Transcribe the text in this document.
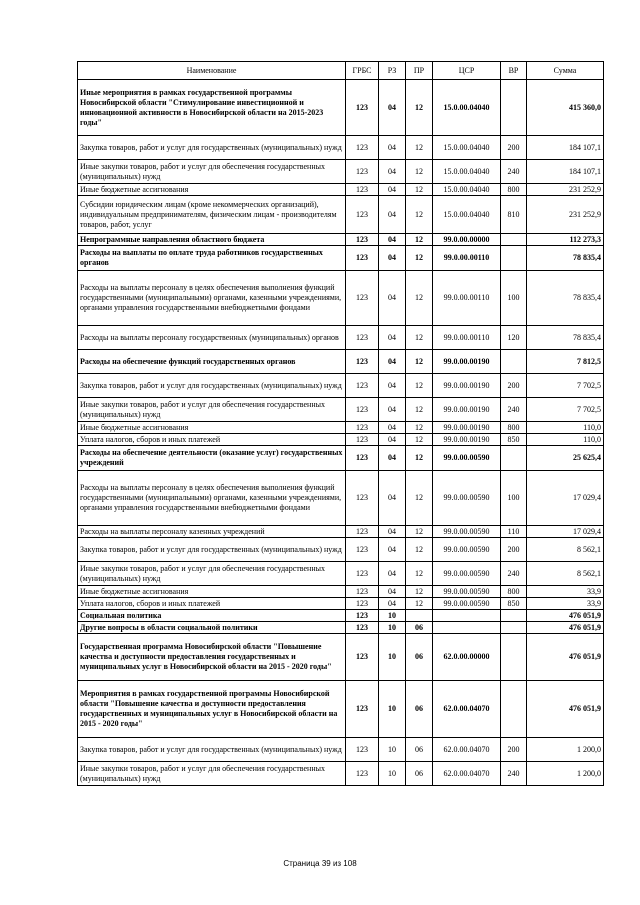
Наименование	ГРБС	РЗ	ПР	ЦСР	ВР	Сумма
Иные мероприятия в рамках государственной программы Новосибирской области "Стимулирование инвестиционной и инновационной активности в Новосибирской области на 2015-2023 годы"	123	04	12	15.0.00.04040		415 360,0
Закупка товаров, работ и услуг для государственных (муниципальных) нужд	123	04	12	15.0.00.04040	200	184 107,1
Иные закупки товаров, работ и услуг для обеспечения государственных (муниципальных) нужд	123	04	12	15.0.00.04040	240	184 107,1
Иные бюджетные ассигнования	123	04	12	15.0.00.04040	800	231 252,9
Субсидии юридическим лицам (кроме некоммерческих организаций), индивидуальным предпринимателям, физическим лицам - производителям товаров, работ, услуг	123	04	12	15.0.00.04040	810	231 252,9
Непрограммные направления областного бюджета	123	04	12	99.0.00.00000		112 273,3
Расходы на выплаты по оплате труда работников государственных органов	123	04	12	99.0.00.00110		78 835,4
Расходы на выплаты персоналу в целях обеспечения выполнения функций государственными (муниципальными) органами, казенными учреждениями, органами управления государственными внебюджетными фондами	123	04	12	99.0.00.00110	100	78 835,4
Расходы на выплаты персоналу государственных (муниципальных) органов	123	04	12	99.0.00.00110	120	78 835,4
Расходы на обеспечение функций государственных органов	123	04	12	99.0.00.00190		7 812,5
Закупка товаров, работ и услуг для государственных (муниципальных) нужд	123	04	12	99.0.00.00190	200	7 702,5
Иные закупки товаров, работ и услуг для обеспечения государственных (муниципальных) нужд	123	04	12	99.0.00.00190	240	7 702,5
Иные бюджетные ассигнования	123	04	12	99.0.00.00190	800	110,0
Уплата налогов, сборов и иных платежей	123	04	12	99.0.00.00190	850	110,0
Расходы на обеспечение деятельности (оказание услуг) государственных учреждений	123	04	12	99.0.00.00590		25 625,4
Расходы на выплаты персоналу в целях обеспечения выполнения функций государственными (муниципальными) органами, казенными учреждениями, органами управления государственными внебюджетными фондами	123	04	12	99.0.00.00590	100	17 029,4
Расходы на выплаты персоналу казенных учреждений	123	04	12	99.0.00.00590	110	17 029,4
Закупка товаров, работ и услуг для государственных (муниципальных) нужд	123	04	12	99.0.00.00590	200	8 562,1
Иные закупки товаров, работ и услуг для обеспечения государственных (муниципальных) нужд	123	04	12	99.0.00.00590	240	8 562,1
Иные бюджетные ассигнования	123	04	12	99.0.00.00590	800	33,9
Уплата налогов, сборов и иных платежей	123	04	12	99.0.00.00590	850	33,9
Социальная политика	123	10				476 051,9
Другие вопросы в области социальной политики	123	10	06			476 051,9
Государственная программа Новосибирской области "Повышение качества и доступности предоставления государственных и муниципальных услуг в Новосибирской области на 2015 - 2020 годы"	123	10	06	62.0.00.00000		476 051,9
Мероприятия в рамках государственной программы Новосибирской области "Повышение качества и доступности предоставления государственных и муниципальных услуг в Новосибирской области на 2015 - 2020 годы"	123	10	06	62.0.00.04070		476 051,9
Закупка товаров, работ и услуг для государственных (муниципальных) нужд	123	10	06	62.0.00.04070	200	1 200,0
Иные закупки товаров, работ и услуг для обеспечения государственных (муниципальных) нужд	123	10	06	62.0.00.04070	240	1 200,0
Страница 39 из 108
